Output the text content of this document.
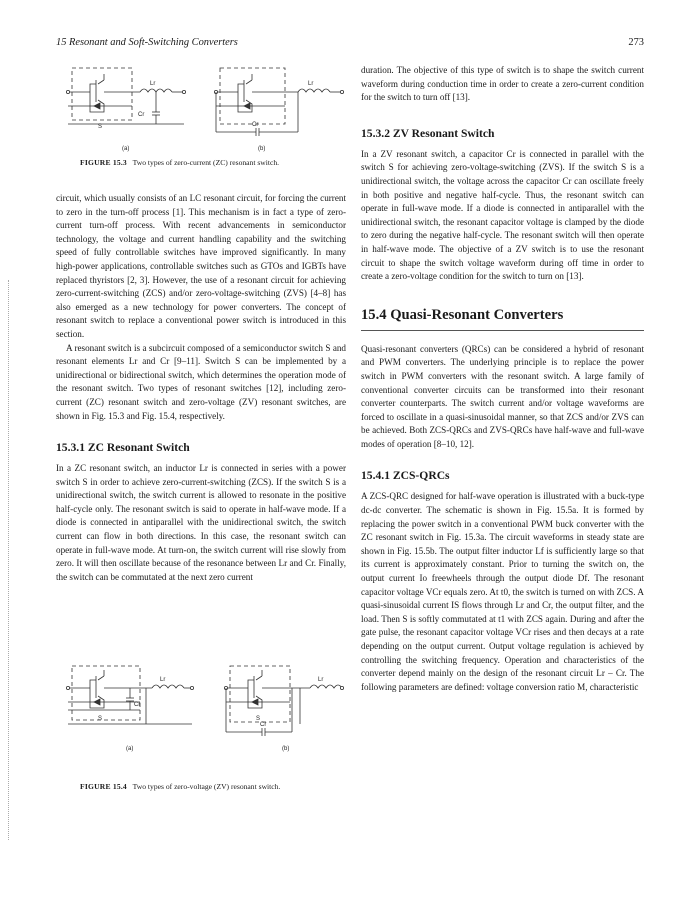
15 Resonant and Soft-Switching Converters	273
Lr
Cr
S
(a)
Lr
Cr
(b)
FIGURE 15.3 Two types of zero-current (ZC) resonant switch.

circuit, which usually consists of an LC resonant circuit, for forcing the current to zero in the turn-off process [1]. This mechanism is in fact a type of zero-current turn-off process. With recent advancements in semiconductor technology, the voltage and current handling capability and the switching speed of fully controllable switches have improved significantly. In many high-power applications, controllable switches such as GTOs and IGBTs have replaced thyristors [2, 3]. However, the use of a resonant circuit for achieving zero-current-switching (ZCS) and/or zero-voltage-switching (ZVS) [4–8] has also emerged as a new technology for power converters. The concept of resonant switch to replace a conventional power switch is introduced in this section.

A resonant switch is a subcircuit composed of a semiconductor switch S and resonant elements Lr and Cr [9–11]. Switch S can be implemented by a unidirectional or bidirectional switch, which determines the operation mode of the resonant switch. Two types of resonant switches [12], including zero-current (ZC) resonant switch and zero-voltage (ZV) resonant switches, are shown in Fig. 15.3 and Fig. 15.4, respectively.

15.3.1 ZC Resonant Switch

In a ZC resonant switch, an inductor Lr is connected in series with a power switch S in order to achieve zero-current-switching (ZCS). If the switch S is a unidirectional switch, the switch current is allowed to resonate in the positive half-cycle only. The resonant switch is said to operate in half-wave mode. If a diode is connected in antiparallel with the unidirectional switch, the switch current can flow in both directions. In this case, the resonant switch can operate in full-wave mode. At turn-on, the switch current will rise slowly from zero. It will then oscillate because of the resonance between Lr and Cr. Finally, the switch can be commutated at the next zero current

Lr
Cr
S
(a)
Lr
Cr
S
(b)
FIGURE 15.4 Two types of zero-voltage (ZV) resonant switch.

duration. The objective of this type of switch is to shape the switch current waveform during conduction time in order to create a zero-current condition for the switch to turn off [13].

15.3.2 ZV Resonant Switch

In a ZV resonant switch, a capacitor Cr is connected in parallel with the switch S for achieving zero-voltage-switching (ZVS). If the switch S is a unidirectional switch, the voltage across the capacitor Cr can oscillate freely in both positive and negative half-cycle. Thus, the resonant switch can operate in full-wave mode. If a diode is connected in antiparallel with the unidirectional switch, the resonant capacitor voltage is clamped by the diode to zero during the negative half-cycle. The resonant switch will then operate in half-wave mode. The objective of a ZV switch is to use the resonant circuit to shape the switch voltage waveform during off time in order to create a zero-voltage condition for the switch to turn on [13].

15.4 Quasi-Resonant Converters

Quasi-resonant converters (QRCs) can be considered a hybrid of resonant and PWM converters. The underlying principle is to replace the power switch in PWM converters with the resonant switch. A large family of conventional converter circuits can be transformed into their resonant converter counterparts. The switch current and/or voltage waveforms are forced to oscillate in a quasi-sinusoidal manner, so that ZCS and/or ZVS can be achieved. Both ZCS-QRCs and ZVS-QRCs have half-wave and full-wave modes of operation [8–10, 12].

15.4.1 ZCS-QRCs

A ZCS-QRC designed for half-wave operation is illustrated with a buck-type dc-dc converter. The schematic is shown in Fig. 15.5a. It is formed by replacing the power switch in a conventional PWM buck converter with the ZC resonant switch in Fig. 15.3a. The circuit waveforms in steady state are shown in Fig. 15.5b. The output filter inductor Lf is sufficiently large so that its current is approximately constant. Prior to turning the switch on, the output current Io freewheels through the output diode Df. The resonant capacitor voltage VCr equals zero. At t0, the switch is turned on with ZCS. A quasi-sinusoidal current IS flows through Lr and Cr, the output filter, and the load. Then S is softly commutated at t1 with ZCS again. During and after the gate pulse, the resonant capacitor voltage VCr rises and then decays at a rate depending on the output current. Output voltage regulation is achieved by controlling the switching frequency. Operation and characteristics of the converter depend mainly on the design of the resonant circuit Lr – Cr. The following parameters are defined: voltage conversion ratio M, characteristic
